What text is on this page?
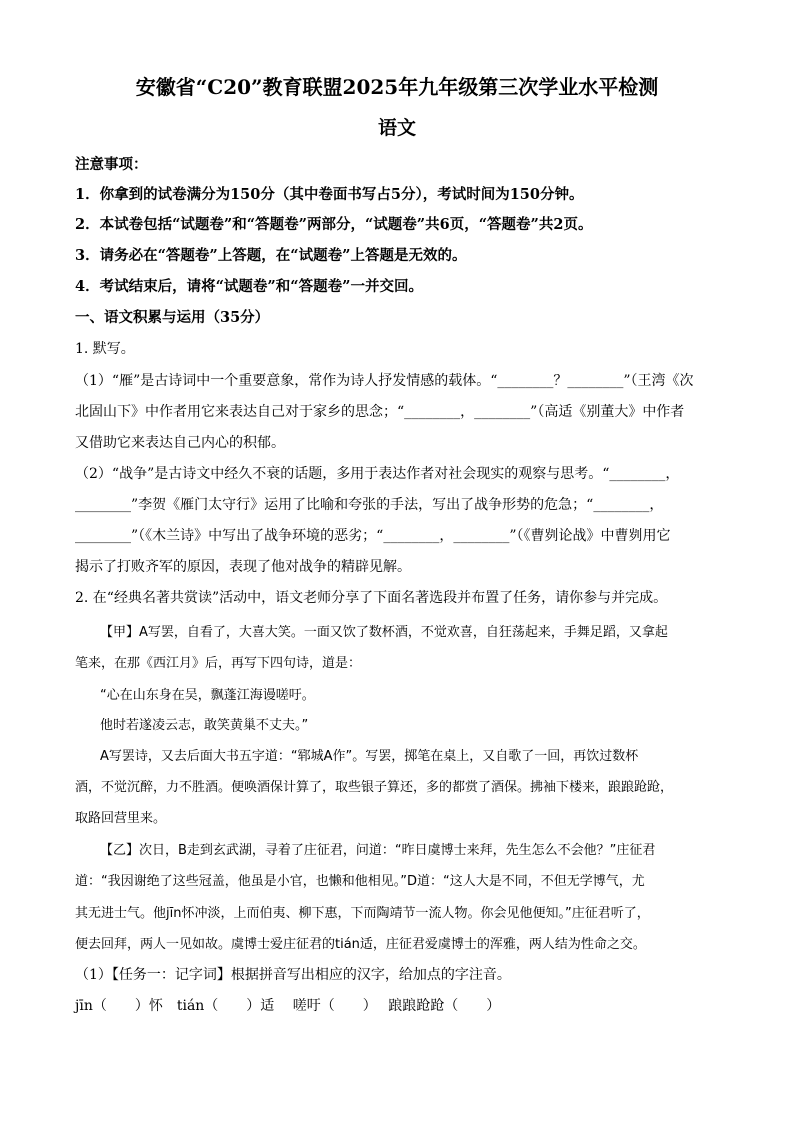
安徽省“C20”教育联盟2025年九年级第三次学业水平检测
语文
注意事项：
1．你拿到的试卷满分为150分（其中卷面书写占5分），考试时间为150分钟。
2．本试卷包括“试题卷”和“答题卷”两部分，“试题卷”共6页，“答题卷”共2页。
3．请务必在“答题卷”上答题，在“试题卷”上答题是无效的。
4．考试结束后，请将“试题卷”和“答题卷”一并交回。
一、语文积累与运用（35分）
1. 默写。
（1）“雁”是古诗词中一个重要意象，常作为诗人抒发情感的载体。“________？________”（王湾《次
北固山下》中作者用它来表达自己对于家乡的思念；“________，________”（高适《别董大》中作者
又借助它来表达自己内心的积郁。
（2）“战争”是古诗文中经久不衰的话题，多用于表达作者对社会现实的观察与思考。“________，
________”李贺《雁门太守行》运用了比喻和夸张的手法，写出了战争形势的危急；“________，
________”（《木兰诗》中写出了战争环境的恶劣；“________，________”（《曹刿论战》中曹刿用它
揭示了打败齐军的原因，表现了他对战争的精辟见解。
2. 在“经典名著共赏读”活动中，语文老师分享了下面名著选段并布置了任务，请你参与并完成。
【甲】A写罢，自看了，大喜大笑。一面又饮了数杯酒，不觉欢喜，自狂荡起来，手舞足蹈，又拿起
笔来，在那《西江月》后，再写下四句诗，道是：
“心在山东身在吴，飘蓬江海谩嗟吁。
他时若遂凌云志，敢笑黄巢不丈夫。”
A写罢诗，又去后面大书五字道：“郓城A作”。写罢，掷笔在桌上，又自歌了一回，再饮过数杯
酒，不觉沉醉，力不胜酒。便唤酒保计算了，取些银子算还，多的都赏了酒保。拂袖下楼来，踉踉跄跄，
取路回营里来。
【乙】次日，B走到玄武湖，寻着了庄征君，问道：“昨日虞博士来拜，先生怎么不会他？”庄征君
道：“我因谢绝了这些冠盖，他虽是小官，也懒和他相见。”D道：“这人大是不同，不但无学博气，尤
其无进士气。他jīn怀冲淡，上而伯夷、柳下惠，下而陶靖节一流人物。你会见他便知。”庄征君听了，
便去回拜，两人一见如故。虞博士爱庄征君的tián适，庄征君爱虞博士的浑雅，两人结为性命之交。
（1）【任务一：记字词】根据拼音写出相应的汉字，给加点的字注音。
jīn（　　）怀　tián（　　）适　 嗟吁（　　）　 踉踉跄跄（　　）
